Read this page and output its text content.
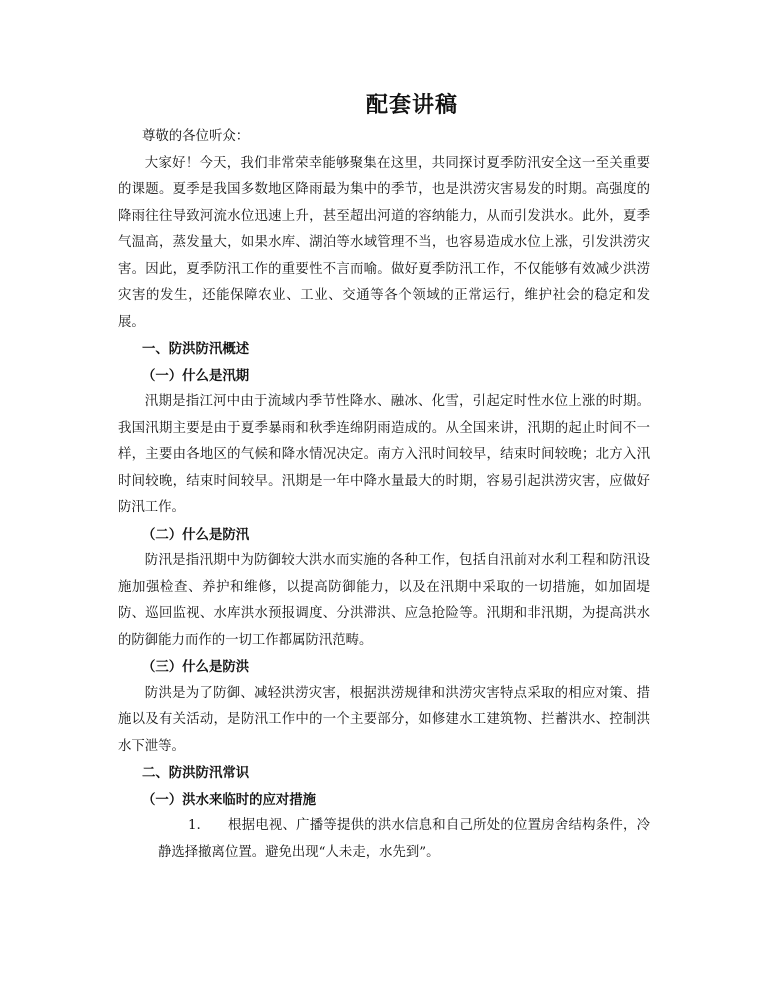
配套讲稿

尊敬的各位听众：

大家好！今天，我们非常荣幸能够聚集在这里，共同探讨夏季防汛安全这一至关重要的课题。夏季是我国多数地区降雨最为集中的季节，也是洪涝灾害易发的时期。高强度的降雨往往导致河流水位迅速上升，甚至超出河道的容纳能力，从而引发洪水。此外，夏季气温高，蒸发量大，如果水库、湖泊等水域管理不当，也容易造成水位上涨，引发洪涝灾害。因此，夏季防汛工作的重要性不言而喻。做好夏季防汛工作，不仅能够有效减少洪涝灾害的发生，还能保障农业、工业、交通等各个领域的正常运行，维护社会的稳定和发展。

一、防洪防汛概述

（一）什么是汛期

汛期是指江河中由于流域内季节性降水、融冰、化雪，引起定时性水位上涨的时期。我国汛期主要是由于夏季暴雨和秋季连绵阴雨造成的。从全国来讲，汛期的起止时间不一样，主要由各地区的气候和降水情况决定。南方入汛时间较早，结束时间较晚；北方入汛时间较晚，结束时间较早。汛期是一年中降水量最大的时期，容易引起洪涝灾害，应做好防汛工作。

（二）什么是防汛

防汛是指汛期中为防御较大洪水而实施的各种工作，包括自汛前对水利工程和防汛设施加强检查、养护和维修，以提高防御能力，以及在汛期中采取的一切措施，如加固堤防、巡回监视、水库洪水预报调度、分洪滞洪、应急抢险等。汛期和非汛期，为提高洪水的防御能力而作的一切工作都属防汛范畴。

（三）什么是防洪

防洪是为了防御、减轻洪涝灾害，根据洪涝规律和洪涝灾害特点采取的相应对策、措施以及有关活动，是防汛工作中的一个主要部分，如修建水工建筑物、拦蓄洪水、控制洪水下泄等。

二、防洪防汛常识

（一）洪水来临时的应对措施

1.	根据电视、广播等提供的洪水信息和自己所处的位置房舍结构条件，冷静选择撤离位置。避免出现“人未走，水先到”。
